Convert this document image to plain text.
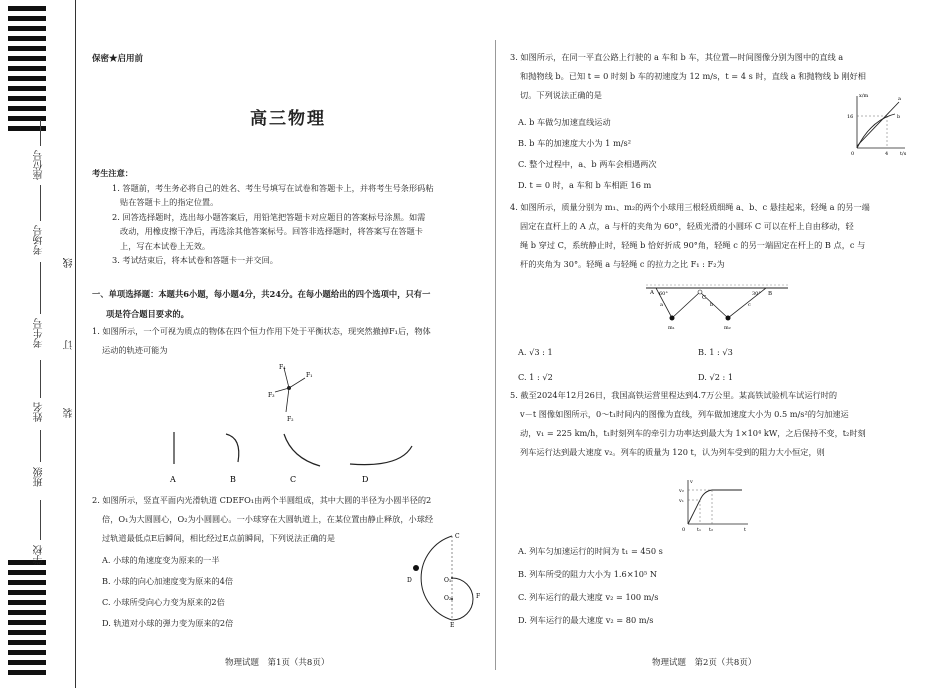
座位号
考场号
考生号
姓名
班级
学校
线
订
装
保密★启用前
高三物理
考生注意：
1. 答题前，考生务必将自己的姓名、考生号填写在试卷和答题卡上，并将考生号条形码粘
贴在答题卡上的指定位置。
2. 回答选择题时，选出每小题答案后，用铅笔把答题卡对应题目的答案标号涂黑。如需
改动，用橡皮擦干净后，再选涂其他答案标号。回答非选择题时，将答案写在答题卡
上，写在本试卷上无效。
3. 考试结束后，将本试卷和答题卡一并交回。
一、单项选择题：本题共6小题，每小题4分，共24分。在每小题给出的四个选项中，只有一
项是符合题目要求的。
1. 如图所示，一个可视为质点的物体在四个恒力作用下处于平衡状态，现突然撤掉F₁后，物体
运动的轨迹可能为
F₄
F₁
F₃
F₂
A	B	C	D
2. 如图所示，竖直平面内光滑轨道 CDEFO₁由两个半圆组成，其中大圆的半径为小圆半径的2
倍，O₁为大圆圆心，O₂为小圆圆心。一小球穿在大圆轨道上，在某位置由静止释放，小球经
过轨道最低点E后瞬间，相比经过E点前瞬间，下列说法正确的是
A. 小球的角速度变为原来的一半
B. 小球的向心加速度变为原来的4倍
C. 小球所受向心力变为原来的2倍
D. 轨道对小球的弹力变为原来的2倍
C
D	O₁
O₂	F
E
物理试题　第1页（共8页）
3. 如图所示，在同一平直公路上行驶的 a 车和 b 车，其位置—时间图像分别为图中的直线 a
和抛物线 b。已知 t = 0 时刻 b 车的初速度为 12 m/s，t = 4 s 时，直线 a 和抛物线 b 刚好相
切。下列说法正确的是
A. b 车做匀加速直线运动
B. b 车的加速度大小为 1 m/s²
C. 整个过程中，a、b 两车会相遇两次
D. t = 0 时，a 车和 b 车相距 16 m
x/m
16
0	4 t/s
a
b
4. 如图所示，质量分别为 m₁、m₂的两个小球用三根轻质细绳 a、b、c 悬挂起来，轻绳 a 的另一端
固定在直杆上的 A 点，a 与杆的夹角为 60°，轻质光滑的小圆环 C 可以在杆上自由移动，轻
绳 b 穿过 C，系统静止时，轻绳 b 恰好折成 90°角，轻绳 c 的另一端固定在杆上的 B 点，c 与
杆的夹角为 30°。轻绳 a 与轻绳 c 的拉力之比 F₁ : F₂为
A 60°
C
30° B
a	b	c
m₁	m₂
A. √3 : 1	B. 1 : √3
C. 1 : √2	D. √2 : 1
5. 截至2024年12月26日，我国高铁运营里程达到4.7万公里。某高铁试验机车试运行时的
v－t 图像如图所示，0～t₁时间内的图像为直线，列车做加速度大小为 0.5 m/s²的匀加速运
动，v₁ = 225 km/h，t₁时刻列车的牵引力功率达到最大为 1×10⁴ kW，之后保持不变，t₂时刻
列车运行达到最大速度 v₂。列车的质量为 120 t，认为列车受到的阻力大小恒定，则
v
v₂
v₁
0 t₁ t₂	t
A. 列车匀加速运行的时间为 t₁ = 450 s
B. 列车所受的阻力大小为 1.6×10⁵ N
C. 列车运行的最大速度 v₂ = 100 m/s
D. 列车运行的最大速度 v₂ = 80 m/s
物理试题　第2页（共8页）
